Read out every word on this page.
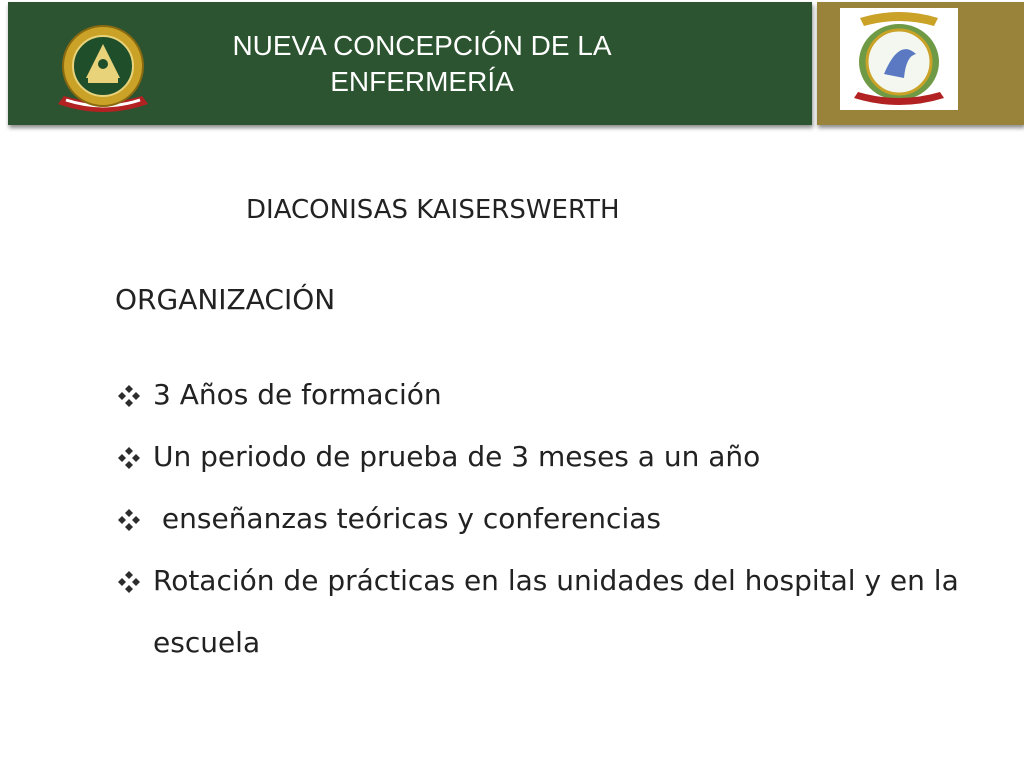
NUEVA CONCEPCIÓN DE LA ENFERMERÍA
DIACONISAS KAISERSWERTH
ORGANIZACIÓN
3 Años de formación
Un periodo de prueba de 3 meses a un año
enseñanzas teóricas y conferencias
Rotación de prácticas en las unidades del hospital y en la escuela
